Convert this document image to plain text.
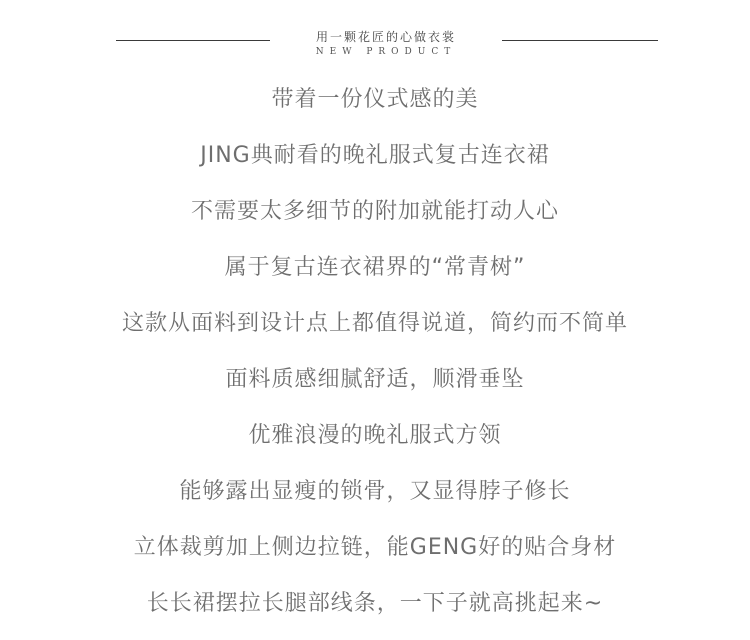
用一颗花匠的心做衣裳
NEW PRODUCT
带着一份仪式感的美
JING典耐看的晚礼服式复古连衣裙
不需要太多细节的附加就能打动人心
属于复古连衣裙界的“常青树”
这款从面料到设计点上都值得说道，简约而不简单
面料质感细腻舒适，顺滑垂坠
优雅浪漫的晚礼服式方领
能够露出显瘦的锁骨，又显得脖子修长
立体裁剪加上侧边拉链，能GENG好的贴合身材
长长裙摆拉长腿部线条，一下子就高挑起来~
